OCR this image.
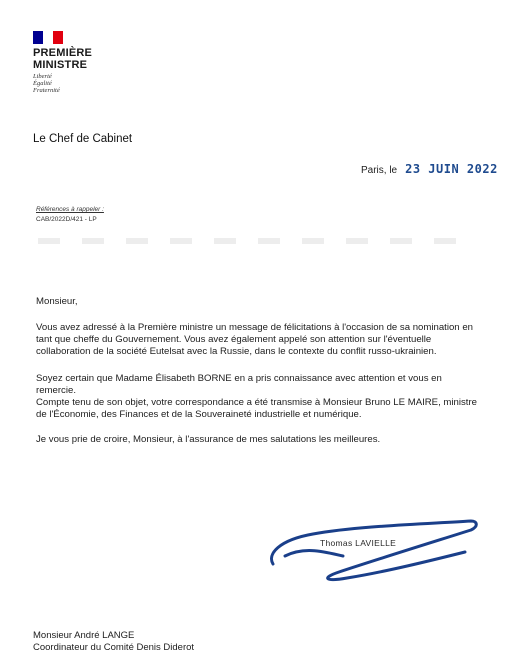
PREMIÈRE
MINISTRE
Liberté
Égalité
Fraternité
Le Chef de Cabinet
Paris, le 23 JUIN 2022
Références à rappeler :
CAB/2022D/421 - LP

Monsieur,

Vous avez adressé à la Première ministre un message de félicitations à l'occasion de sa nomination en tant que cheffe du Gouvernement. Vous avez également appelé son attention sur l'éventuelle collaboration de la société Eutelsat avec la Russie, dans le contexte du conflit russo-ukrainien.

Soyez certain que Madame Élisabeth BORNE en a pris connaissance avec attention et vous en remercie.

Compte tenu de son objet, votre correspondance a été transmise à Monsieur Bruno LE MAIRE, ministre de l'Économie, des Finances et de la Souveraineté industrielle et numérique.

Je vous prie de croire, Monsieur, à l'assurance de mes salutations les meilleures.

Thomas LAVIELLE
Monsieur André LANGE
Coordinateur du Comité Denis Diderot
